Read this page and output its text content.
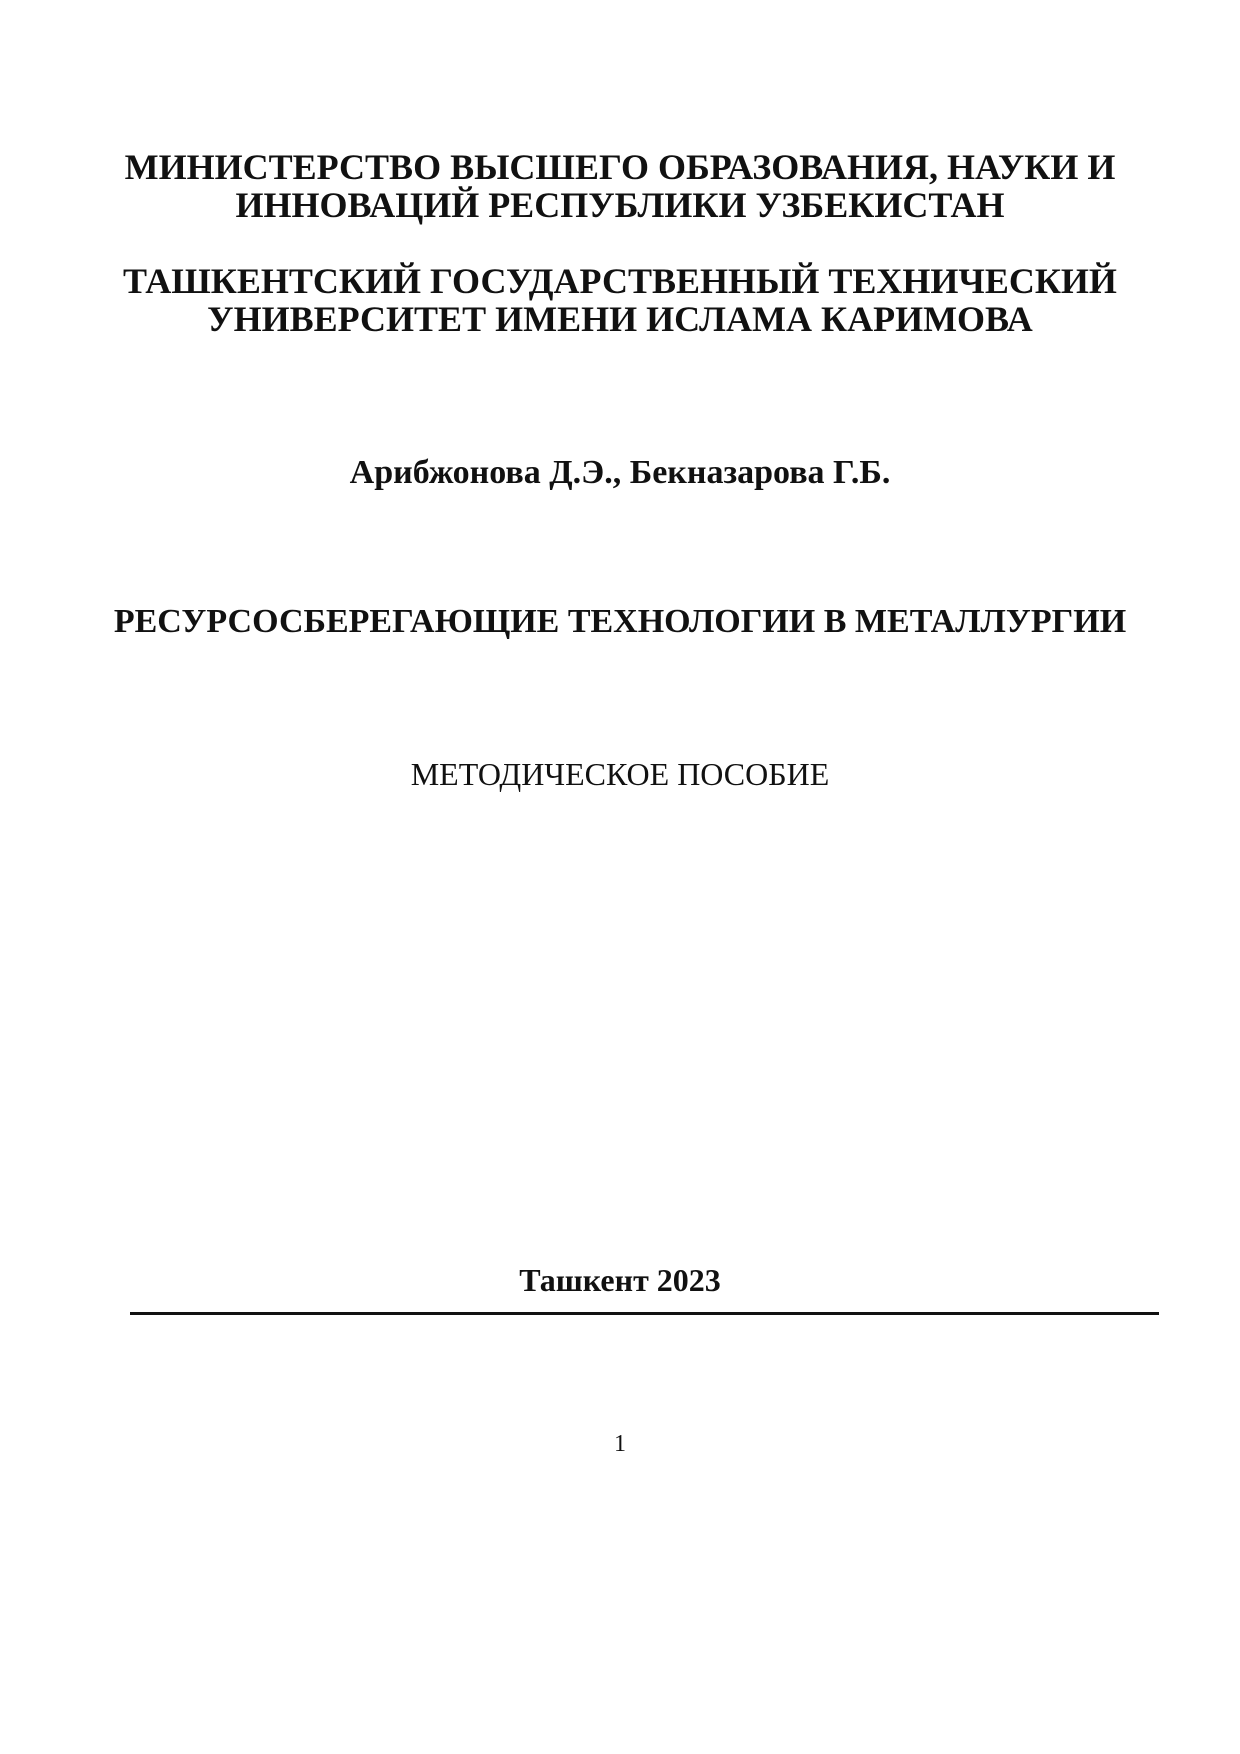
МИНИСТЕРСТВО ВЫСШЕГО ОБРАЗОВАНИЯ, НАУКИ И
ИННОВАЦИЙ РЕСПУБЛИКИ УЗБЕКИСТАН
ТАШКЕНТСКИЙ ГОСУДАРСТВЕННЫЙ ТЕХНИЧЕСКИЙ
УНИВЕРСИТЕТ ИМЕНИ ИСЛАМА КАРИМОВА
Арибжонова Д.Э., Бекназарова Г.Б.
РЕСУРСОСБЕРЕГАЮЩИЕ ТЕХНОЛОГИИ В МЕТАЛЛУРГИИ
МЕТОДИЧЕСКОЕ ПОСОБИЕ
Ташкент 2023
1
